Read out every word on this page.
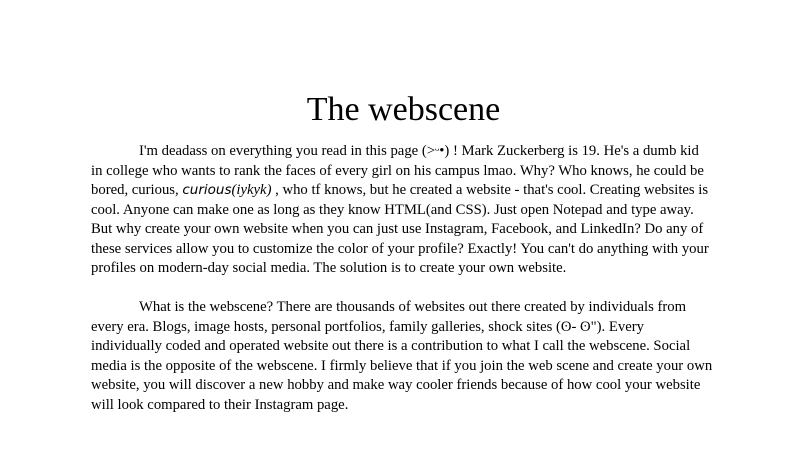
The webscene

I'm deadass on everything you read in this page (>ᵕ•) ! Mark Zuckerberg is 19. He's a dumb kid in college who wants to rank the faces of every girl on his campus lmao. Why? Who knows, he could be bored, curious, curious(iykyk) , who tf knows, but he created a website - that's cool. Creating websites is cool. Anyone can make one as long as they know HTML(and CSS). Just open Notepad and type away. But why create your own website when you can just use Instagram, Facebook, and LinkedIn? Do any of these services allow you to customize the color of your profile? Exactly! You can't do anything with your profiles on modern-day social media. The solution is to create your own website.

What is the webscene? There are thousands of websites out there created by individuals from every era. Blogs, image hosts, personal portfolios, family galleries, shock sites (ʘ- ʘ"). Every individually coded and operated website out there is a contribution to what I call the webscene. Social media is the opposite of the webscene. I firmly believe that if you join the web scene and create your own website, you will discover a new hobby and make way cooler friends because of how cool your website will look compared to their Instagram page.
